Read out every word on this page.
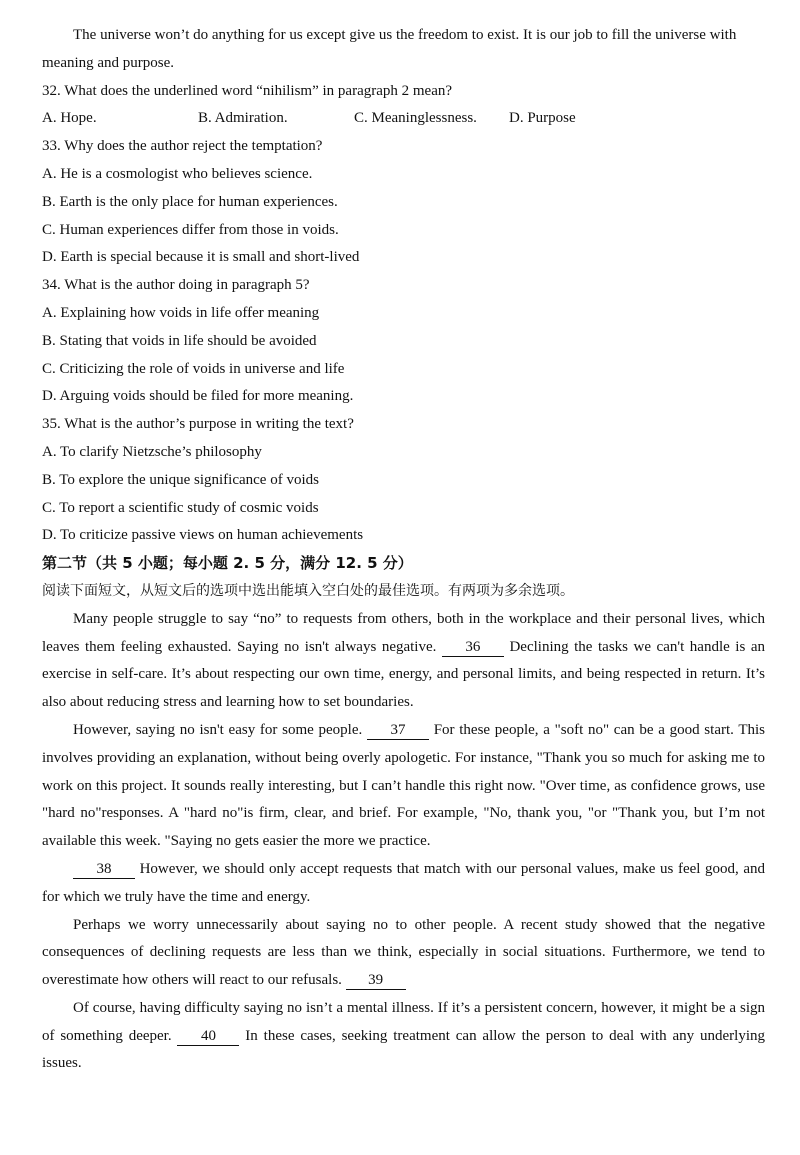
The universe won’t do anything for us except give us the freedom to exist. It is our job to fill the universe with
meaning and purpose.
32. What does the underlined word “nihilism” in paragraph 2 mean?
A. Hope.	B. Admiration.	C. Meaninglessness.	D. Purpose
33. Why does the author reject the temptation?
A. He is a cosmologist who believes science.
B. Earth is the only place for human experiences.
C. Human experiences differ from those in voids.
D. Earth is special because it is small and short-lived
34. What is the author doing in paragraph 5?
A. Explaining how voids in life offer meaning
B. Stating that voids in life should be avoided
C. Criticizing the role of voids in universe and life
D. Arguing voids should be filed for more meaning.
35. What is the author’s purpose in writing the text?
A. To clarify Nietzsche’s philosophy
B. To explore the unique significance of voids
C. To report a scientific study of cosmic voids
D. To criticize passive views on human achievements
第二节（共 5 小题；每小题 2. 5 分，满分 12. 5 分）
阅读下面短文，从短文后的选项中选出能填入空白处的最佳选项。有两项为多余选项。

Many people struggle to say “no” to requests from others, both in the workplace and their personal lives, which leaves them feeling exhausted. Saying no isn't always negative. 36 Declining the tasks we can't handle is an exercise in self-care. It’s about respecting our own time, energy, and personal limits, and being respected in return. It’s also about reducing stress and learning how to set boundaries.

However, saying no isn't easy for some people. 37 For these people, a "soft no" can be a good start. This involves providing an explanation, without being overly apologetic. For instance, "Thank you so much for asking me to work on this project. It sounds really interesting, but I can’t handle this right now. "Over time, as confidence grows, use "hard no"responses. A "hard no"is firm, clear, and brief. For example, "No, thank you, "or "Thank you, but I’m not available this week. "Saying no gets easier the more we practice.

38 However, we should only accept requests that match with our personal values, make us feel good, and for which we truly have the time and energy.

Perhaps we worry unnecessarily about saying no to other people. A recent study showed that the negative consequences of declining requests are less than we think, especially in social situations. Furthermore, we tend to overestimate how others will react to our refusals. 39

Of course, having difficulty saying no isn’t a mental illness. If it’s a persistent concern, however, it might be a sign of something deeper. 40 In these cases, seeking treatment can allow the person to deal with any underlying issues.
